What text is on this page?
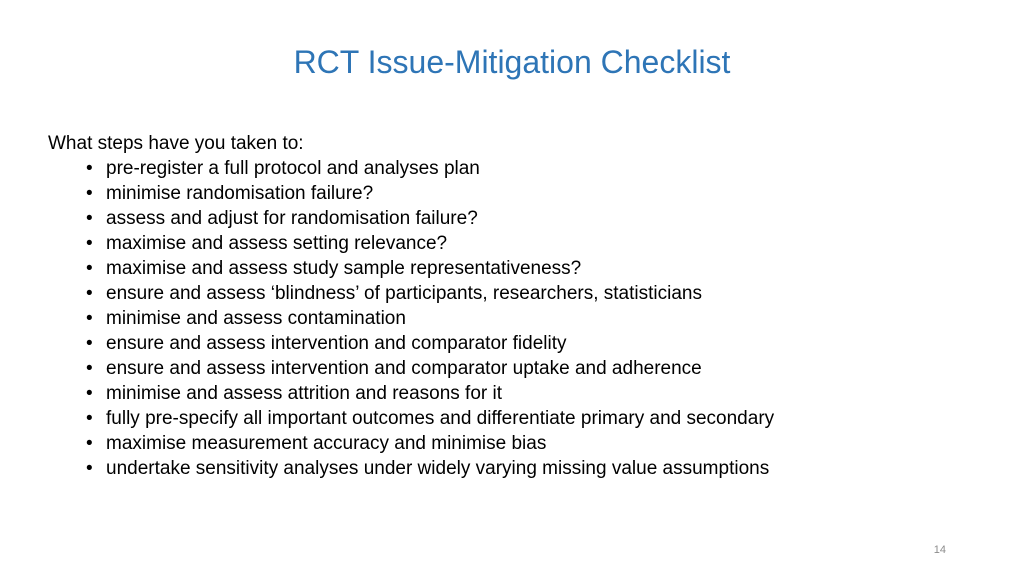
RCT Issue-Mitigation Checklist

What steps have you taken to:

• pre-register a full protocol and analyses plan
• minimise randomisation failure?
• assess and adjust for randomisation failure?
• maximise and assess setting relevance?
• maximise and assess study sample representativeness?
• ensure and assess ‘blindness’ of participants, researchers, statisticians
• minimise and assess contamination
• ensure and assess intervention and comparator fidelity
• ensure and assess intervention and comparator uptake and adherence
• minimise and assess attrition and reasons for it
• fully pre-specify all important outcomes and differentiate primary and secondary
• maximise measurement accuracy and minimise bias
• undertake sensitivity analyses under widely varying missing value assumptions
14
